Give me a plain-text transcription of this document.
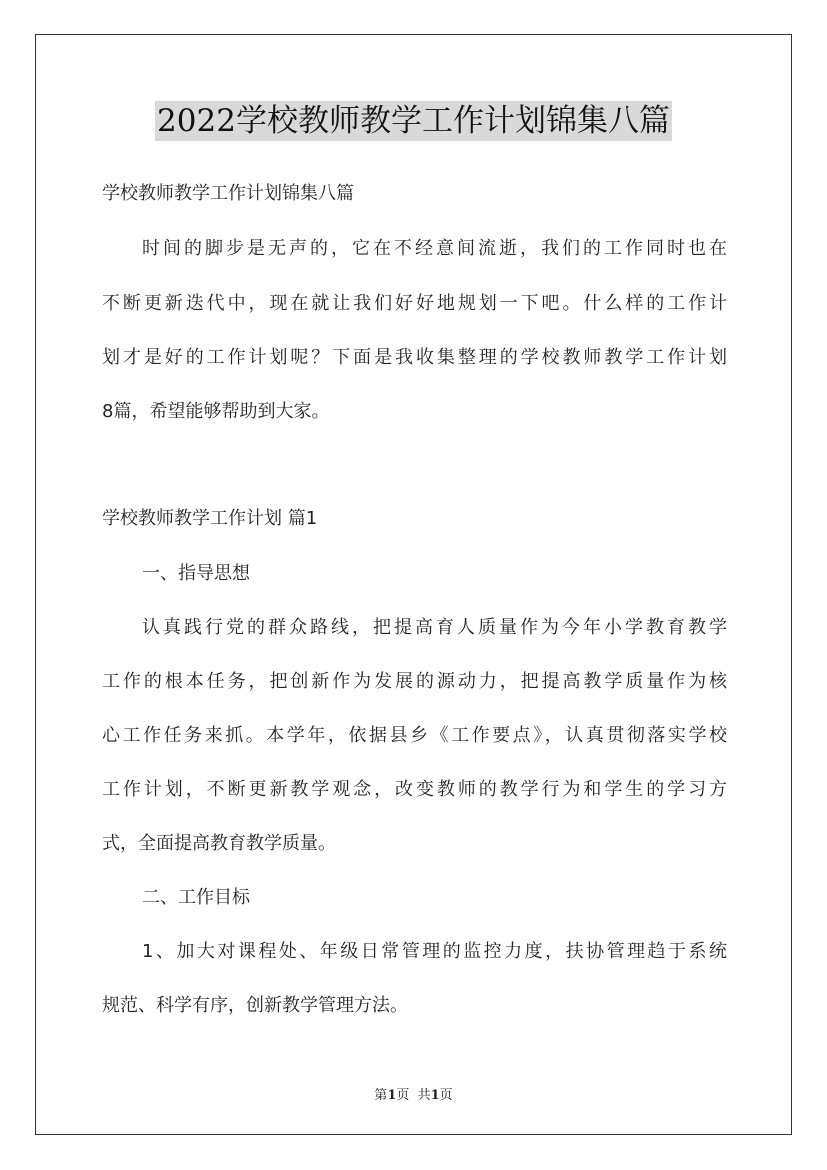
2022学校教师教学工作计划锦集八篇
学校教师教学工作计划锦集八篇
时间的脚步是无声的，它在不经意间流逝，我们的工作同时也在
不断更新迭代中，现在就让我们好好地规划一下吧。什么样的工作计
划才是好的工作计划呢？下面是我收集整理的学校教师教学工作计划
8篇，希望能够帮助到大家。
学校教师教学工作计划 篇1
一、指导思想
认真践行党的群众路线，把提高育人质量作为今年小学教育教学
工作的根本任务，把创新作为发展的源动力，把提高教学质量作为核
心工作任务来抓。本学年，依据县乡《工作要点》，认真贯彻落实学校
工作计划，不断更新教学观念，改变教师的教学行为和学生的学习方
式，全面提高教育教学质量。
二、工作目标
1、加大对课程处、年级日常管理的监控力度，扶协管理趋于系统
规范、科学有序，创新教学管理方法。
第1页  共1页
